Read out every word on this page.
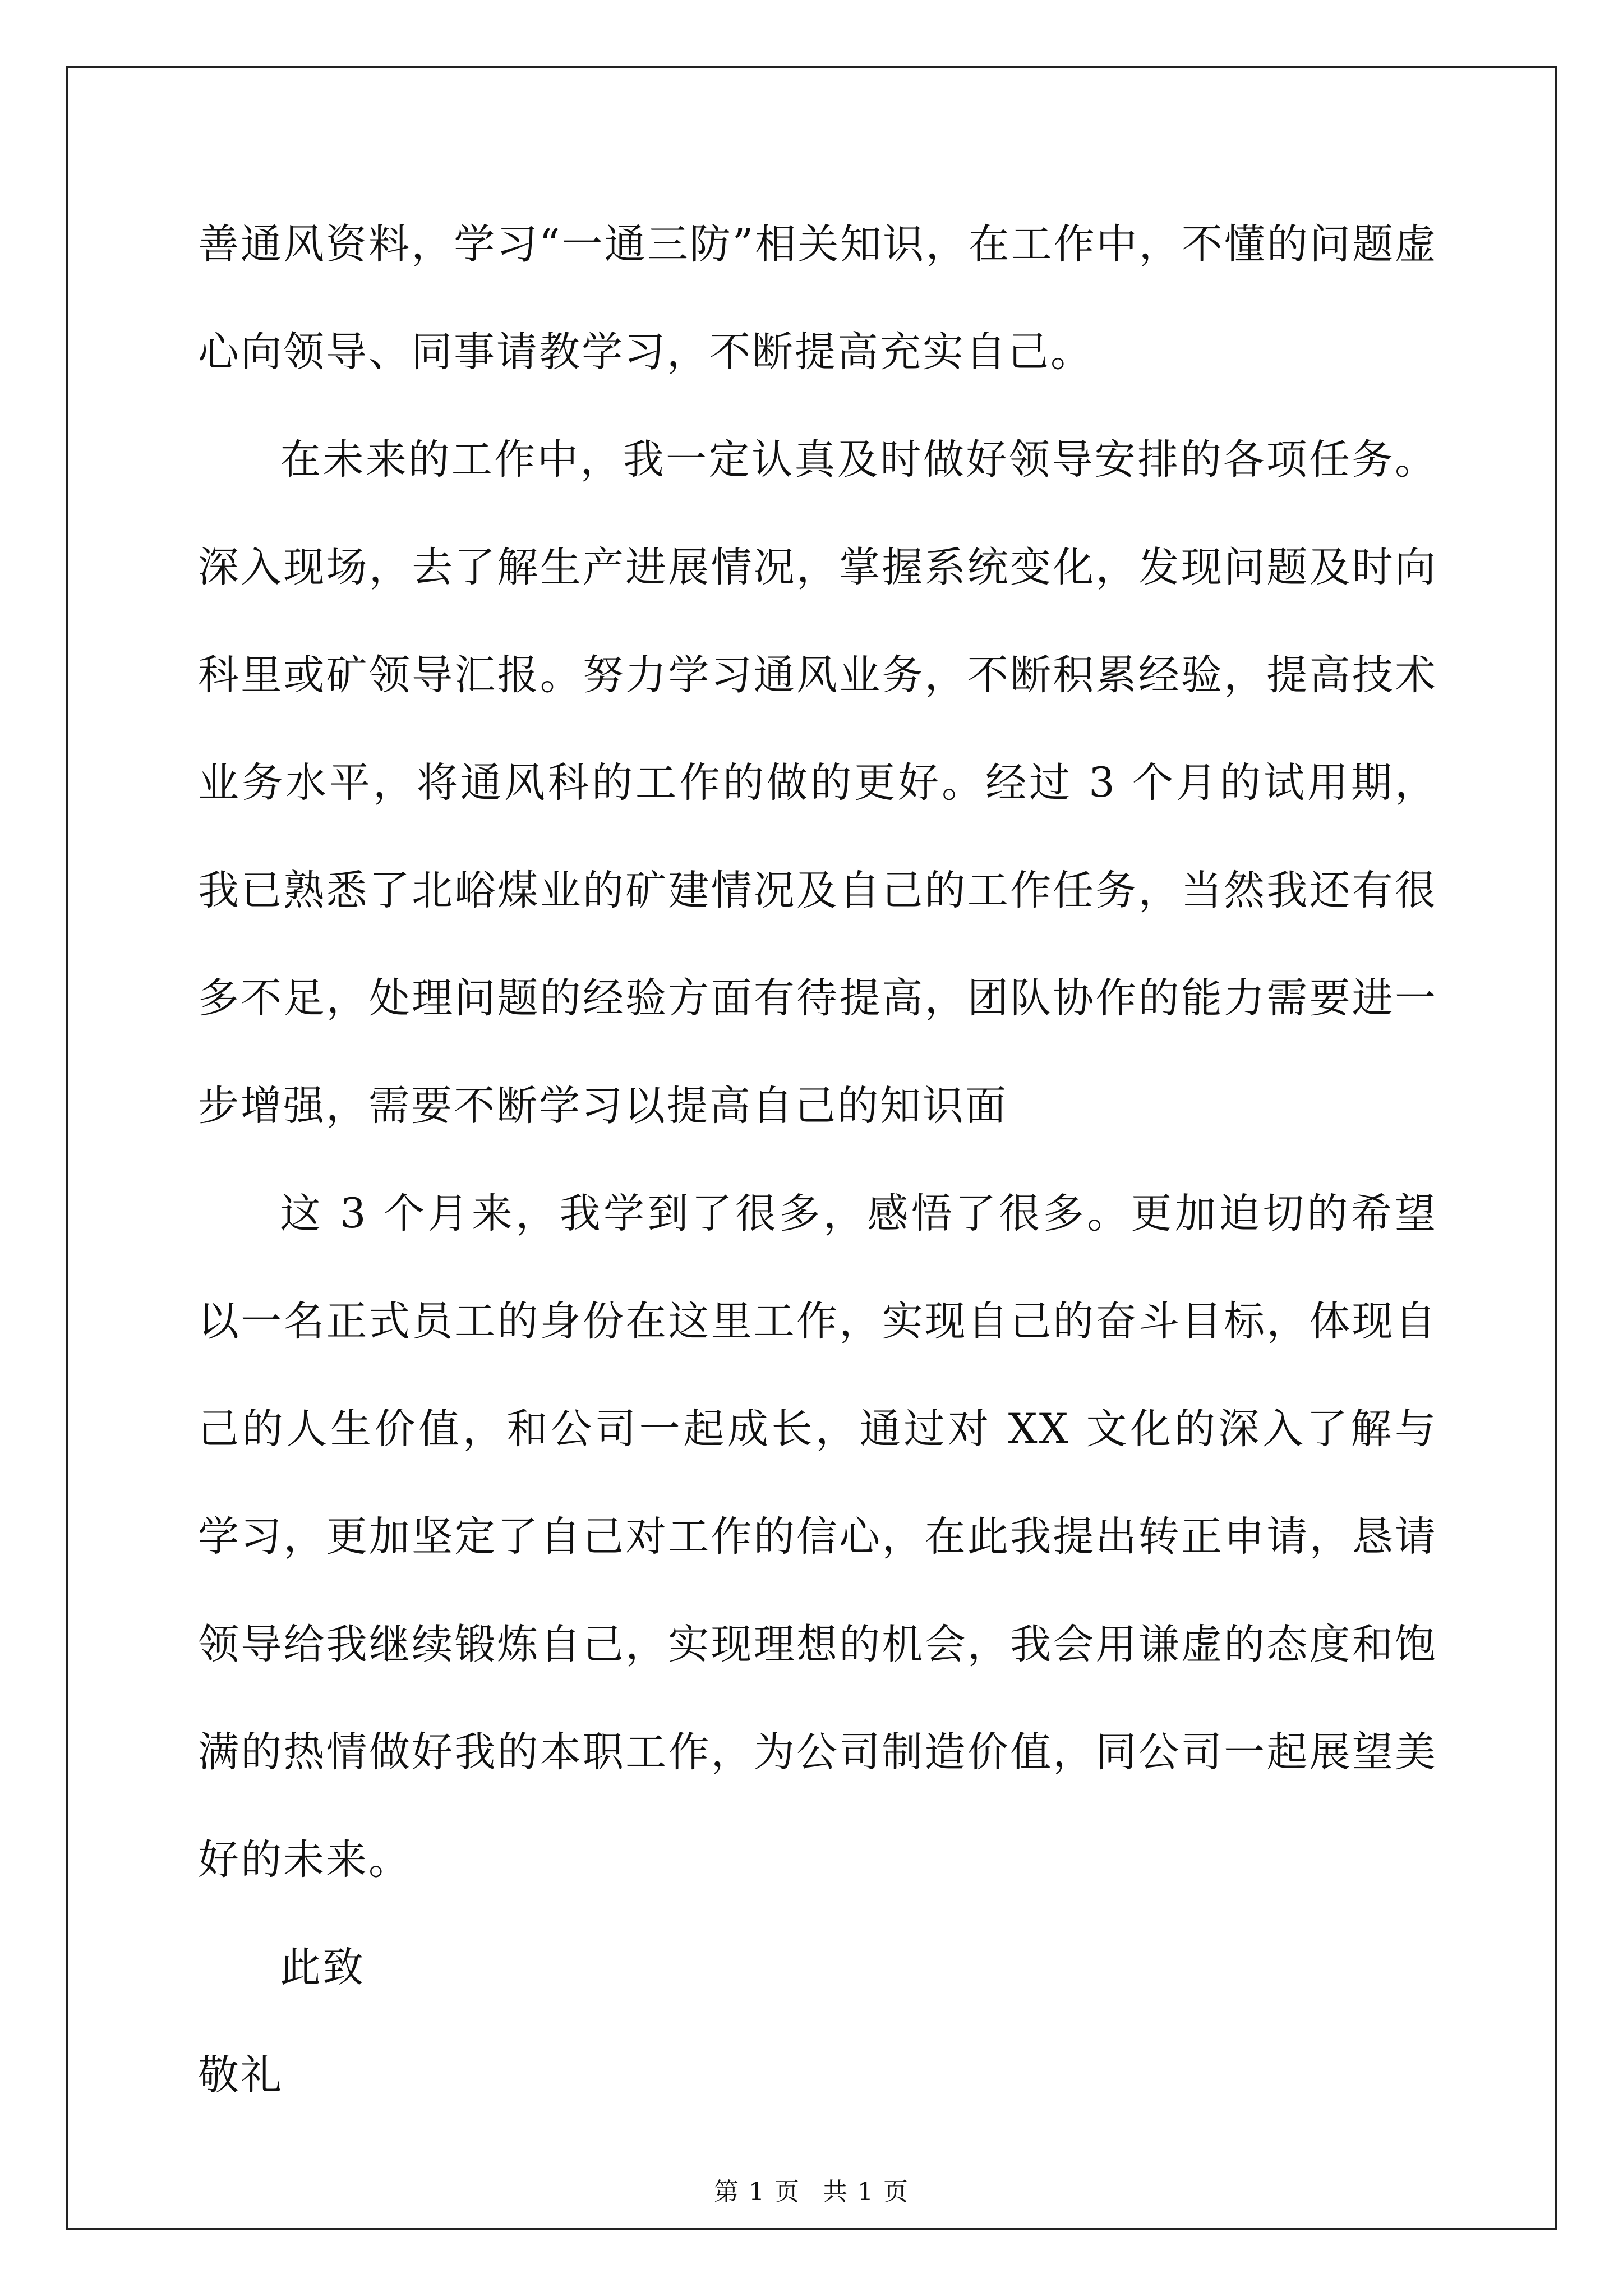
善通风资料，学习“一通三防”相关知识，在工作中，不懂的问题虚心向领导、同事请教学习，不断提高充实自己。

在未来的工作中，我一定认真及时做好领导安排的各项任务。深入现场，去了解生产进展情况，掌握系统变化，发现问题及时向科里或矿领导汇报。努力学习通风业务，不断积累经验，提高技术业务水平，将通风科的工作的做的更好。经过 3 个月的试用期，我已熟悉了北峪煤业的矿建情况及自己的工作任务，当然我还有很多不足，处理问题的经验方面有待提高，团队协作的能力需要进一步增强，需要不断学习以提高自己的知识面

这 3 个月来，我学到了很多，感悟了很多。更加迫切的希望以一名正式员工的身份在这里工作，实现自己的奋斗目标，体现自己的人生价值，和公司一起成长，通过对 XX 文化的深入了解与学习，更加坚定了自己对工作的信心，在此我提出转正申请，恳请领导给我继续锻炼自己，实现理想的机会，我会用谦虚的态度和饱满的热情做好我的本职工作，为公司制造价值，同公司一起展望美好的未来。

此致

敬礼

第 1 页 共 1 页
